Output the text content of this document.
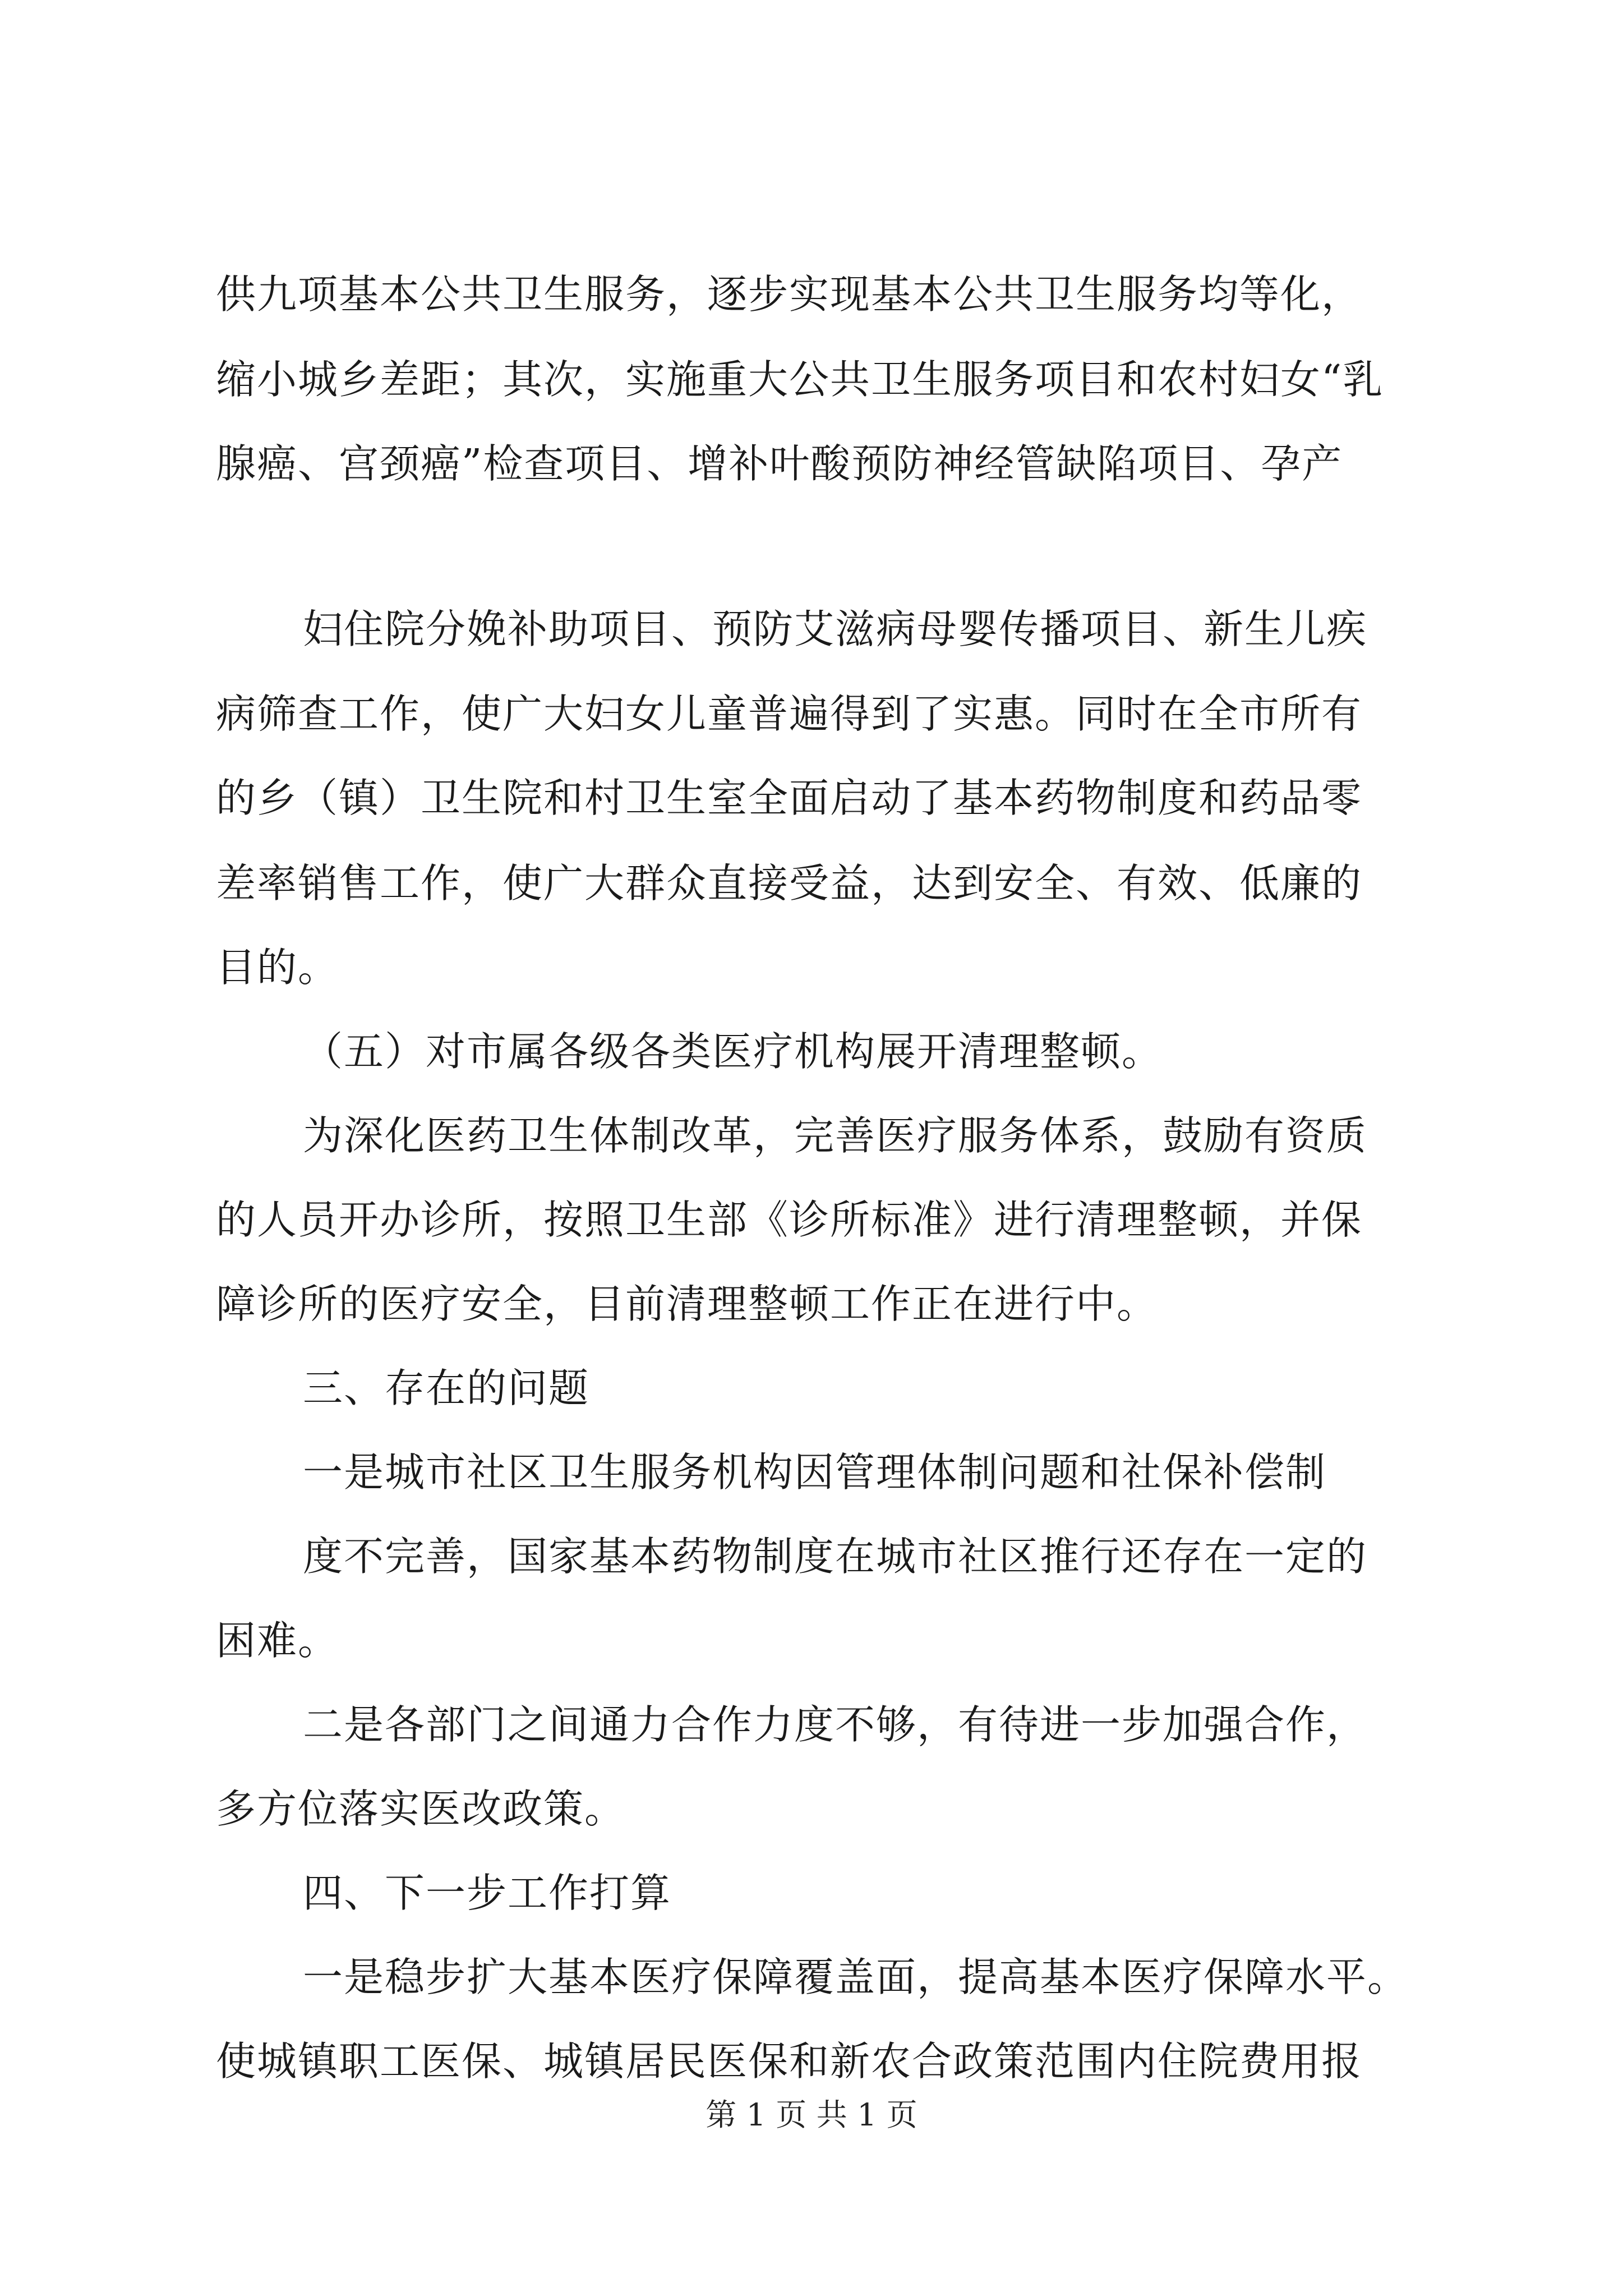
供九项基本公共卫生服务，逐步实现基本公共卫生服务均等化，
缩小城乡差距；其次，实施重大公共卫生服务项目和农村妇女“乳
腺癌、宫颈癌”检查项目、增补叶酸预防神经管缺陷项目、孕产
妇住院分娩补助项目、预防艾滋病母婴传播项目、新生儿疾
病筛查工作，使广大妇女儿童普遍得到了实惠。同时在全市所有
的乡（镇）卫生院和村卫生室全面启动了基本药物制度和药品零
差率销售工作，使广大群众直接受益，达到安全、有效、低廉的
目的。
（五）对市属各级各类医疗机构展开清理整顿。
为深化医药卫生体制改革，完善医疗服务体系，鼓励有资质
的人员开办诊所，按照卫生部《诊所标准》进行清理整顿，并保
障诊所的医疗安全，目前清理整顿工作正在进行中。
三、存在的问题
一是城市社区卫生服务机构因管理体制问题和社保补偿制
度不完善，国家基本药物制度在城市社区推行还存在一定的
困难。
二是各部门之间通力合作力度不够，有待进一步加强合作，
多方位落实医改政策。
四、下一步工作打算
一是稳步扩大基本医疗保障覆盖面，提高基本医疗保障水平。
使城镇职工医保、城镇居民医保和新农合政策范围内住院费用报
第 1 页 共 1 页
